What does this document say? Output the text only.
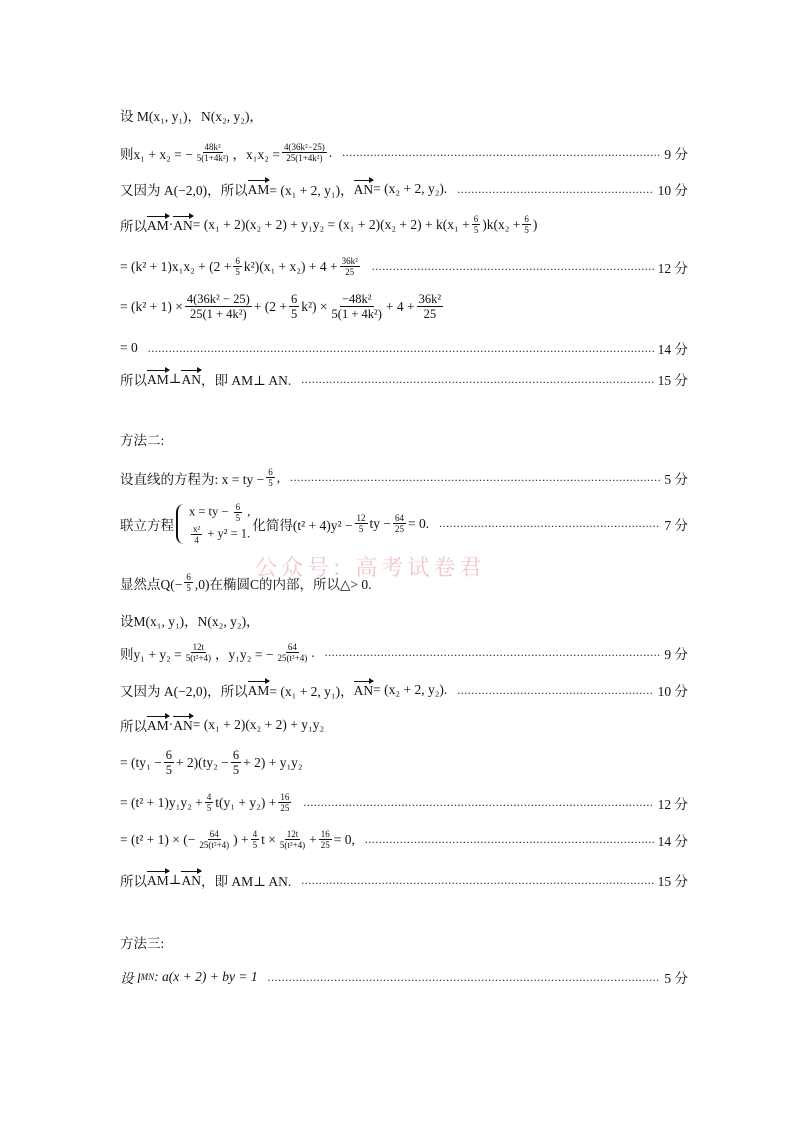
设 M(x₁, y₁)，N(x₂, y₂)，
则x₁ + x₂ = − $\frac{\text{48k²}}{\text{5(1+4k²)}}$ ，$x_1x_2 = \frac{\text{4(36k²−25)}}{\text{25(1+4k²)}}$ . .....	9 分
又因为 A(−2,0)，所以 AM = (x₁ + 2, y₁)， AN = (x₂ + 2, y₂). .....	10 分
所以 AM · AN = $(x_1 + 2)(x_2 + 2) + y_1y_2 = (x_1 + 2)(x_2 + 2) + k(x_1 + \frac{6}{5} )k(x_2 + \frac{6}{5}$ )
= $(k^2 + 1)x_1x_2 + (2 + \frac{6}{5} k^2)(x_1 + x_2) + 4 + \frac{\text{36k²}}{25}$ .....	12 分
= $(k^2 + 1) \times \frac{\text{4(36k² − 25)}}{\text{25(1 + 4k²)}} + (2 + \frac{6}{5} k^2) \times \frac{\text{−48k²}}{\text{5(1 + 4k²)}} + 4 + \frac{\text{36k²}}{25}$
= 0 .....	14 分
所以 AM ⊥ AN ，即 AM⊥ AN. .....	15 分
方法二:
设直线的方程为: x = ty − $\frac{6}{5}$ , .....	5 分
联立方程
x = ty − $\frac{6}{5}$ ,
$\frac{\text{x²}}{4} + y^2 = 1$.
化简得$(t^2 + 4)y^2 - \frac{12}{5}$ ty − $\frac{64}{25} = 0$. .....	7 分
公众号: 高考试卷君
显然点$Q(- \frac{6}{5} ,0)$在椭圆C的内部，所以△> 0.
设M(x₁, y₁)，N(x₂, y₂)，
则$y_1 + y_2 = \frac{12t}{\text{5(t²+4)}}$ ，y₁y₂ = − $\frac{64}{\text{25(t²+4)}}$ . .....	9 分
又因为 A(−2,0)，所以 AM = (x₁ + 2, y₁)， AN = (x₂ + 2, y₂). .....	10 分
所以 AM · AN = (x₁ + 2)(x₂ + 2) + y₁y₂
= $(ty_1 - \frac{6}{5} + 2)(ty_2 - \frac{6}{5} + 2) + y_1y_2$
= $(t^2 + 1)y_1y_2 + \frac{4}{5} t(y_1 + y_2) + \frac{16}{25}$ .....	12 分
= (t² + 1) × (− $\frac{64}{\text{25(t²+4)}}$ ) + $\frac{4}{5}$ $t \times \frac{12t}{\text{5(t²+4)}} + \frac{16}{25} = 0$, .....	14 分
所以 AM ⊥ AN ，即 AM⊥ AN. .....	15 分
方法三:
设 l MN : a(x + 2) + by = 1 .....	5 分
